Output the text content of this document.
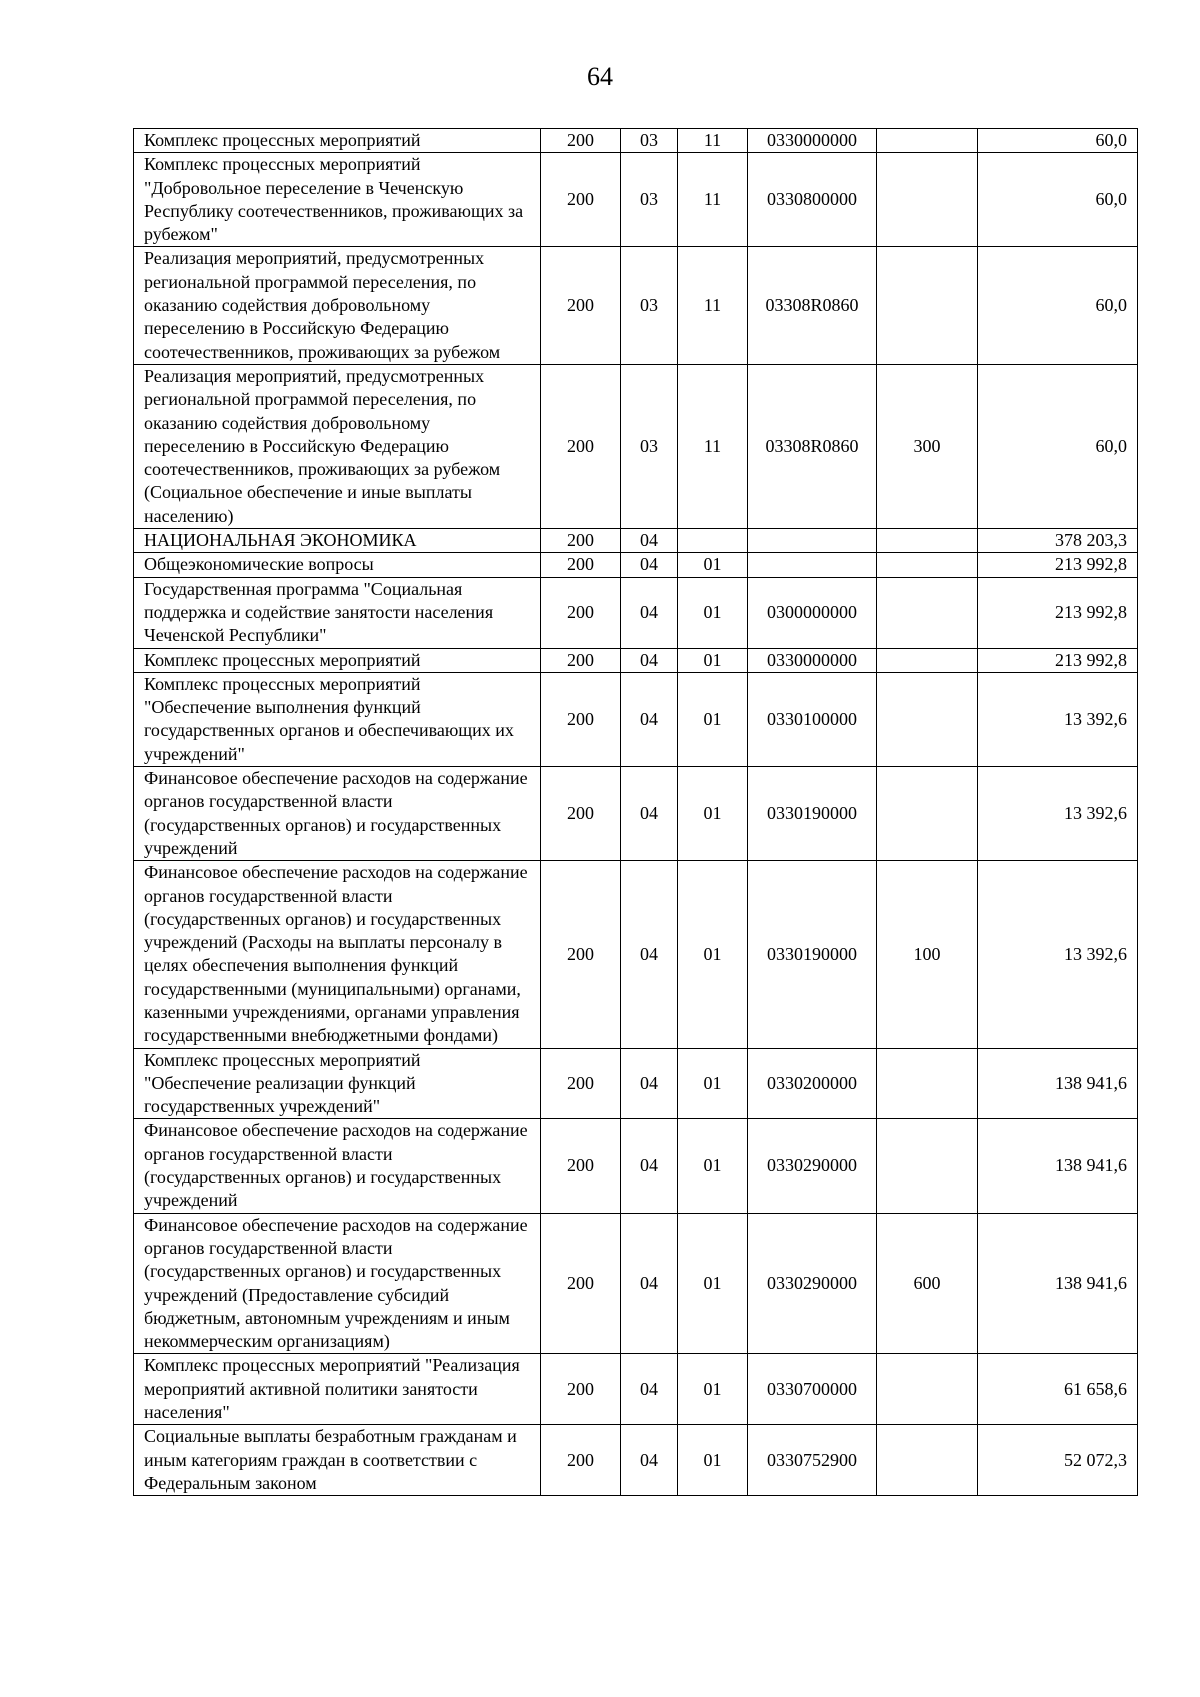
64
Комплекс процессных мероприятий	200	03	11	0330000000		60,0
Комплекс процессных мероприятий "Добровольное переселение в Чеченскую Республику соотечественников, проживающих за рубежом"	200	03	11	0330800000		60,0
Реализация мероприятий, предусмотренных региональной программой переселения, по оказанию содействия добровольному переселению в Российскую Федерацию соотечественников, проживающих за рубежом	200	03	11	03308R0860		60,0
Реализация мероприятий, предусмотренных региональной программой переселения, по оказанию содействия добровольному переселению в Российскую Федерацию соотечественников, проживающих за рубежом (Социальное обеспечение и иные выплаты населению)	200	03	11	03308R0860	300	60,0
НАЦИОНАЛЬНАЯ ЭКОНОМИКА	200	04				378 203,3
Общеэкономические вопросы	200	04	01			213 992,8
Государственная программа "Социальная поддержка и содействие занятости населения Чеченской Республики"	200	04	01	0300000000		213 992,8
Комплекс процессных мероприятий	200	04	01	0330000000		213 992,8
Комплекс процессных мероприятий "Обеспечение выполнения функций государственных органов и обеспечивающих их учреждений"	200	04	01	0330100000		13 392,6
Финансовое обеспечение расходов на содержание органов государственной власти (государственных органов) и государственных учреждений	200	04	01	0330190000		13 392,6
Финансовое обеспечение расходов на содержание органов государственной власти (государственных органов) и государственных учреждений (Расходы на выплаты персоналу в целях обеспечения выполнения функций государственными (муниципальными) органами, казенными учреждениями, органами управления государственными внебюджетными фондами)	200	04	01	0330190000	100	13 392,6
Комплекс процессных мероприятий "Обеспечение реализации функций государственных учреждений"	200	04	01	0330200000		138 941,6
Финансовое обеспечение расходов на содержание органов государственной власти (государственных органов) и государственных учреждений	200	04	01	0330290000		138 941,6
Финансовое обеспечение расходов на содержание органов государственной власти (государственных органов) и государственных учреждений (Предоставление субсидий бюджетным, автономным учреждениям и иным некоммерческим организациям)	200	04	01	0330290000	600	138 941,6
Комплекс процессных мероприятий "Реализация мероприятий активной политики занятости населения"	200	04	01	0330700000		61 658,6
Социальные выплаты безработным гражданам и иным категориям граждан в соответствии с Федеральным законом	200	04	01	0330752900		52 072,3
